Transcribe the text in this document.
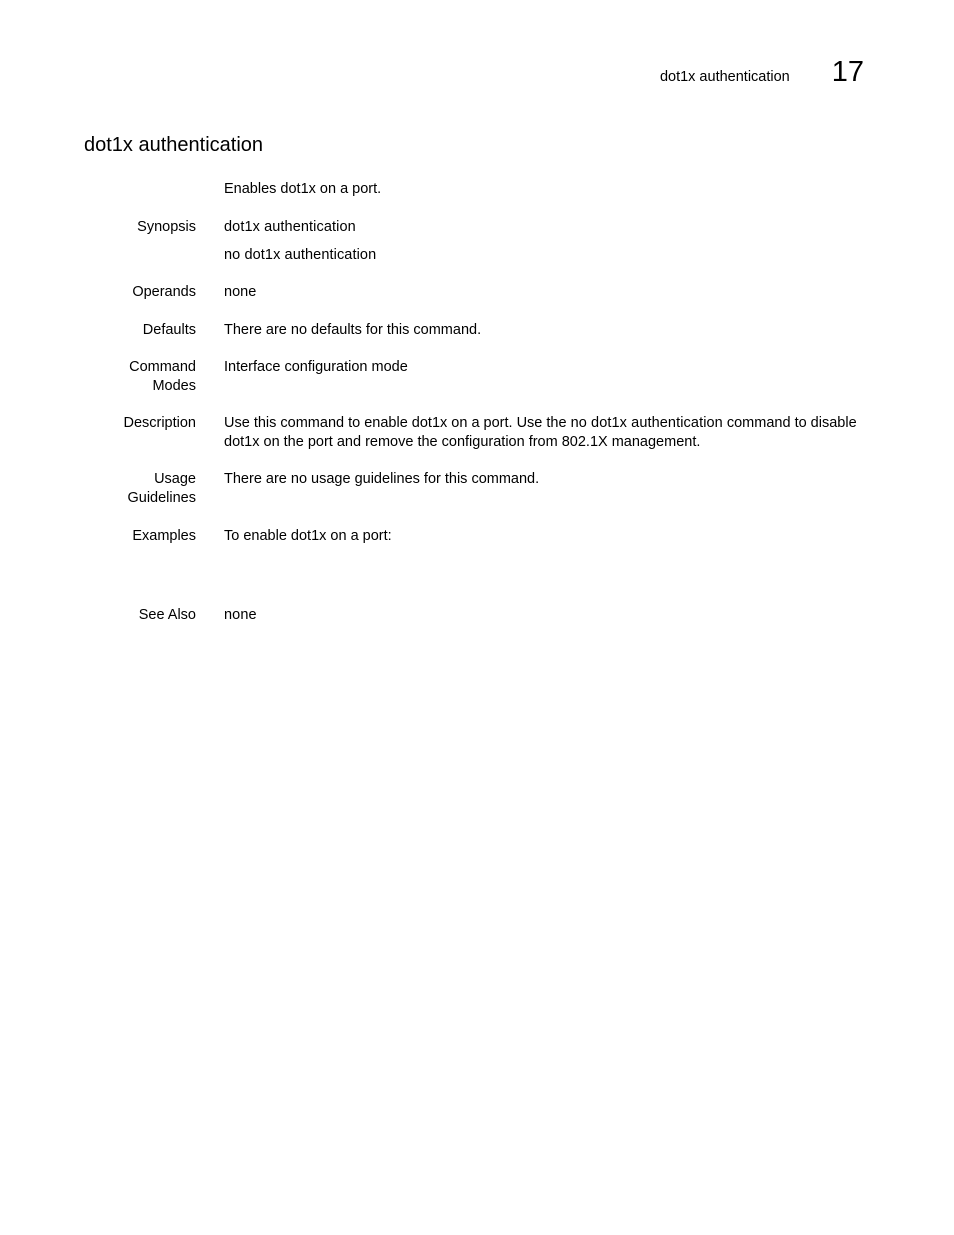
dot1x authentication 17
dot1x authentication
Enables dot1x on a port.
Synopsis dot1x authentication
no dot1x authentication
Operands none
Defaults There are no defaults for this command.
Command
Modes
Interface configuration mode
Description Use this command to enable dot1x on a port. Use the no dot1x authentication command to disable dot1x on the port and remove the configuration from 802.1X management.
Usage
Guidelines
There are no usage guidelines for this command.
Examples To enable dot1x on a port:
See Also none
